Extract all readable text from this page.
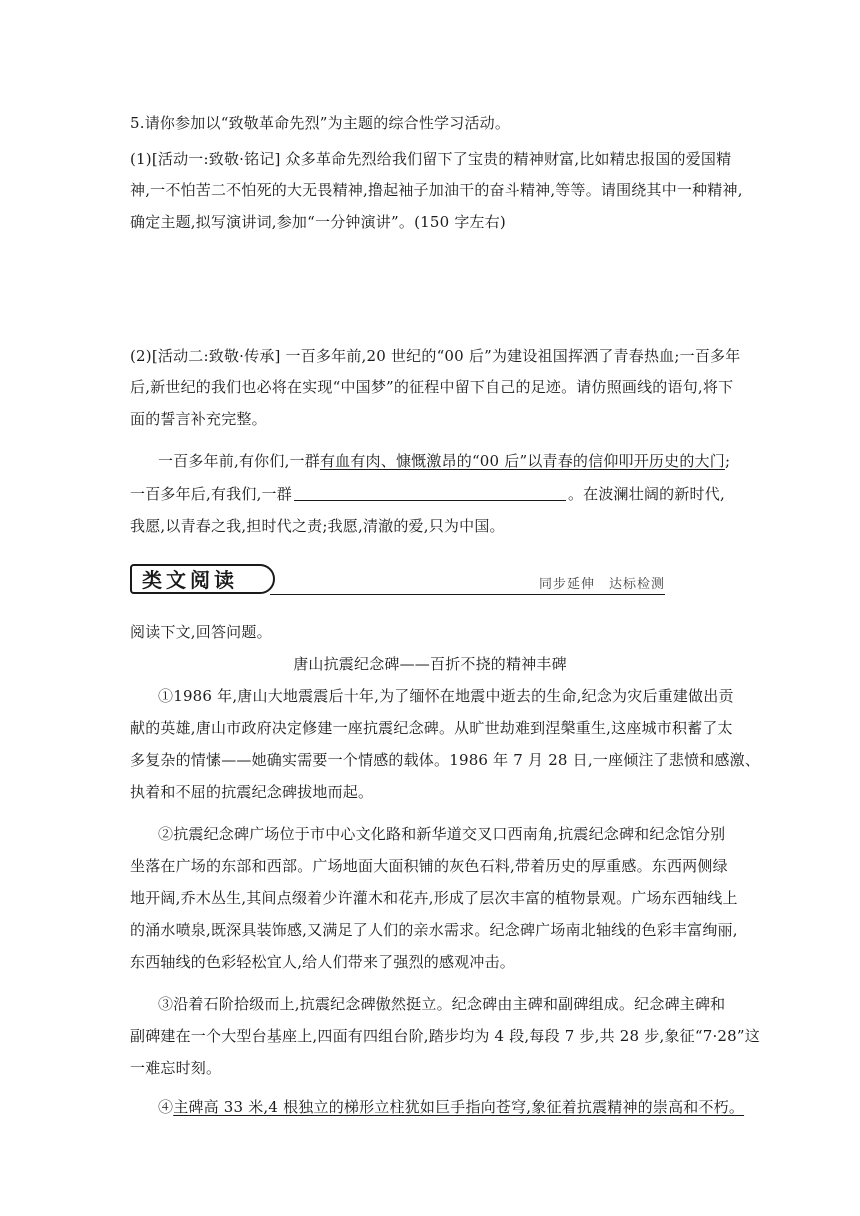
5.请你参加以“致敬革命先烈”为主题的综合性学习活动。
(1)[活动一:致敬·铭记] 众多革命先烈给我们留下了宝贵的精神财富,比如精忠报国的爱国精
神,一不怕苦二不怕死的大无畏精神,撸起袖子加油干的奋斗精神,等等。请围绕其中一种精神,
确定主题,拟写演讲词,参加“一分钟演讲”。(150 字左右)
(2)[活动二:致敬·传承] 一百多年前,20 世纪的“00 后”为建设祖国挥洒了青春热血;一百多年
后,新世纪的我们也必将在实现“中国梦”的征程中留下自己的足迹。请仿照画线的语句,将下
面的誓言补充完整。
一百多年前,有你们,一群有血有肉、慷慨激昂的“00 后”以青春的信仰叩开历史的大门;
一百多年后,有我们,一群	。在波澜壮阔的新时代,
我愿,以青春之我,担时代之责;我愿,清澈的爱,只为中国。
类文阅读	同步延伸 达标检测
阅读下文,回答问题。
唐山抗震纪念碑——百折不挠的精神丰碑
①1986 年,唐山大地震震后十年,为了缅怀在地震中逝去的生命,纪念为灾后重建做出贡
献的英雄,唐山市政府决定修建一座抗震纪念碑。从旷世劫难到涅槃重生,这座城市积蓄了太
多复杂的情愫——她确实需要一个情感的载体。1986 年 7 月 28 日,一座倾注了悲愤和感激、
执着和不屈的抗震纪念碑拔地而起。
②抗震纪念碑广场位于市中心文化路和新华道交叉口西南角,抗震纪念碑和纪念馆分别
坐落在广场的东部和西部。广场地面大面积铺的灰色石料,带着历史的厚重感。东西两侧绿
地开阔,乔木丛生,其间点缀着少许灌木和花卉,形成了层次丰富的植物景观。广场东西轴线上
的涌水喷泉,既深具装饰感,又满足了人们的亲水需求。纪念碑广场南北轴线的色彩丰富绚丽,
东西轴线的色彩轻松宜人,给人们带来了强烈的感观冲击。
③沿着石阶拾级而上,抗震纪念碑傲然挺立。纪念碑由主碑和副碑组成。纪念碑主碑和
副碑建在一个大型台基座上,四面有四组台阶,踏步均为 4 段,每段 7 步,共 28 步,象征“7·28”这
一难忘时刻。
④主碑高 33 米,4 根独立的梯形立柱犹如巨手指向苍穹,象征着抗震精神的崇高和不朽。
